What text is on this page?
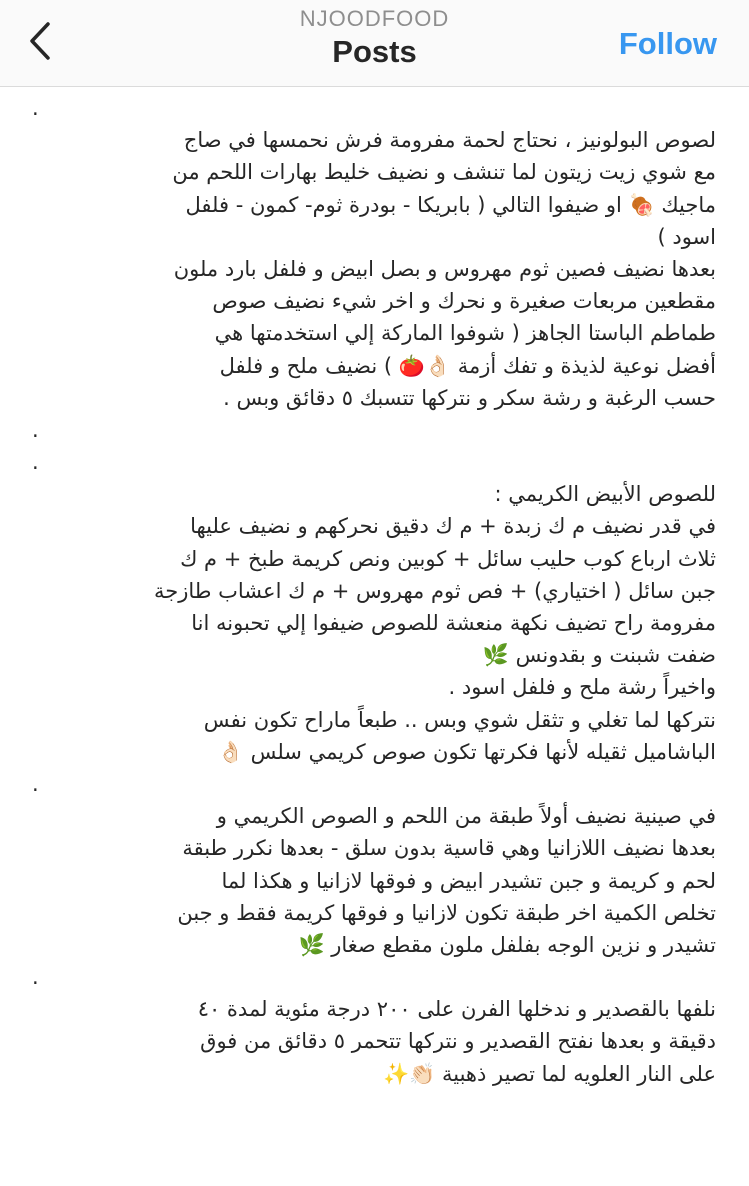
NJOODFOOD
Posts	Follow
.
لصوص البولونيز ، نحتاج لحمة مفرومة فرش نحمسها في صاج
مع شوي زيت زيتون لما تنشف و نضيف خليط بهارات اللحم من
ماجيك 🍖 او ضيفوا التالي ( بابريكا - بودرة ثوم- كمون - فلفل
اسود )
بعدها نضيف فصين ثوم مهروس و بصل ابيض و فلفل بارد ملون
مقطعين مربعات صغيرة و نحرك و اخر شيء نضيف صوص
طماطم الباستا الجاهز ( شوفوا الماركة إلي استخدمتها هي
أفضل نوعية لذيذة و تفك أزمة 👌🏻🍅 ) نضيف ملح و فلفل
حسب الرغبة و رشة سكر و نتركها تتسبك ٥ دقائق وبس .
.
.
للصوص الأبيض الكريمي :
في قدر نضيف م ك زبدة + م ك دقيق نحركهم و نضيف عليها
ثلاث ارباع كوب حليب سائل + كوبين ونص كريمة طبخ + م ك
جبن سائل ( اختياري) + فص ثوم مهروس + م ك اعشاب طازجة
مفرومة راح تضيف نكهة منعشة للصوص ضيفوا إلي تحبونه انا
ضفت شبنت و بقدونس 🌿
واخيراً رشة ملح و فلفل اسود .
نتركها لما تغلي و تثقل شوي وبس .. طبعاً ماراح تكون نفس
الباشاميل ثقيله لأنها فكرتها تكون صوص كريمي سلس 👌🏻
.
في صينية نضيف أولاً طبقة من اللحم و الصوص الكريمي و
بعدها نضيف اللازانيا وهي قاسية بدون سلق - بعدها نكرر طبقة
لحم و كريمة و جبن تشيدر ابيض و فوقها لازانيا و هكذا لما
تخلص الكمية اخر طبقة تكون لازانيا و فوقها كريمة فقط و جبن
تشيدر و نزين الوجه بفلفل ملون مقطع صغار 🌿
.
نلفها بالقصدير و ندخلها الفرن على ٢٠٠ درجة مئوية لمدة ٤٠
دقيقة و بعدها نفتح القصدير و نتركها تتحمر ٥ دقائق من فوق
على النار العلويه لما تصير ذهبية 👏🏻✨
